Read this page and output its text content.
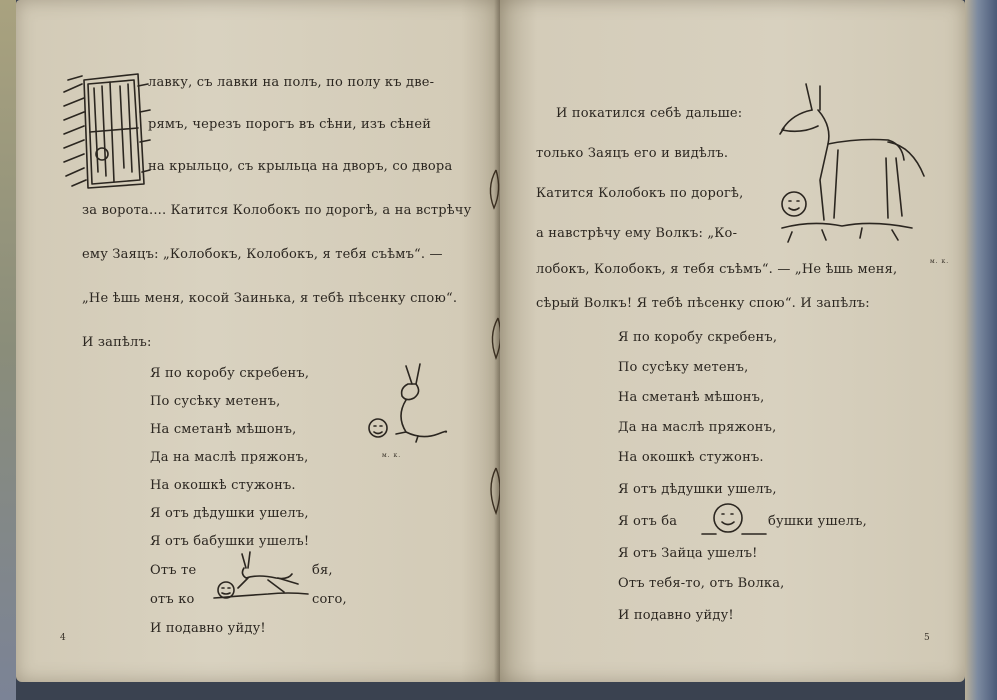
лавку, съ лавки на полъ, по полу къ две-
рямъ, черезъ порогъ въ сѣни, изъ сѣней
на крыльцо, съ крыльца на дворъ, со двора
за ворота.... Катится Колобокъ по дорогѣ, а на встрѣчу
ему Заяцъ: „Колобокъ, Колобокъ, я тебя съѣмъ“. —
„Не ѣшь меня, косой Заинька, я тебѣ пѣсенку спою“.
И запѣлъ:
Я по коробу скребенъ,
По сусѣку метенъ,
На сметанѣ мѣшонъ,
Да на маслѣ пряжонъ,
На окошкѣ стужонъ.
Я отъ дѣдушки ушелъ,
Я отъ бабушки ушелъ!
Отъ те	бя,
отъ ко	сого,
И подавно уйду!
м. к.
4
И покатился себѣ дальше:
только Заяцъ его и видѣлъ.
Катится Колобокъ по дорогѣ,
а навстрѣчу ему Волкъ: „Ко-
лобокъ, Колобокъ, я тебя съѣмъ“. — „Не ѣшь меня,
сѣрый Волкъ! Я тебѣ пѣсенку спою“. И запѣлъ:
Я по коробу скребенъ,
По сусѣку метенъ,
На сметанѣ мѣшонъ,
Да на маслѣ пряжонъ,
На окошкѣ стужонъ.
Я отъ дѣдушки ушелъ,
Я отъ ба	бушки ушелъ,
Я отъ Зайца ушелъ!
Отъ тебя-то, отъ Волка,
И подавно уйду!
м. к.
5
